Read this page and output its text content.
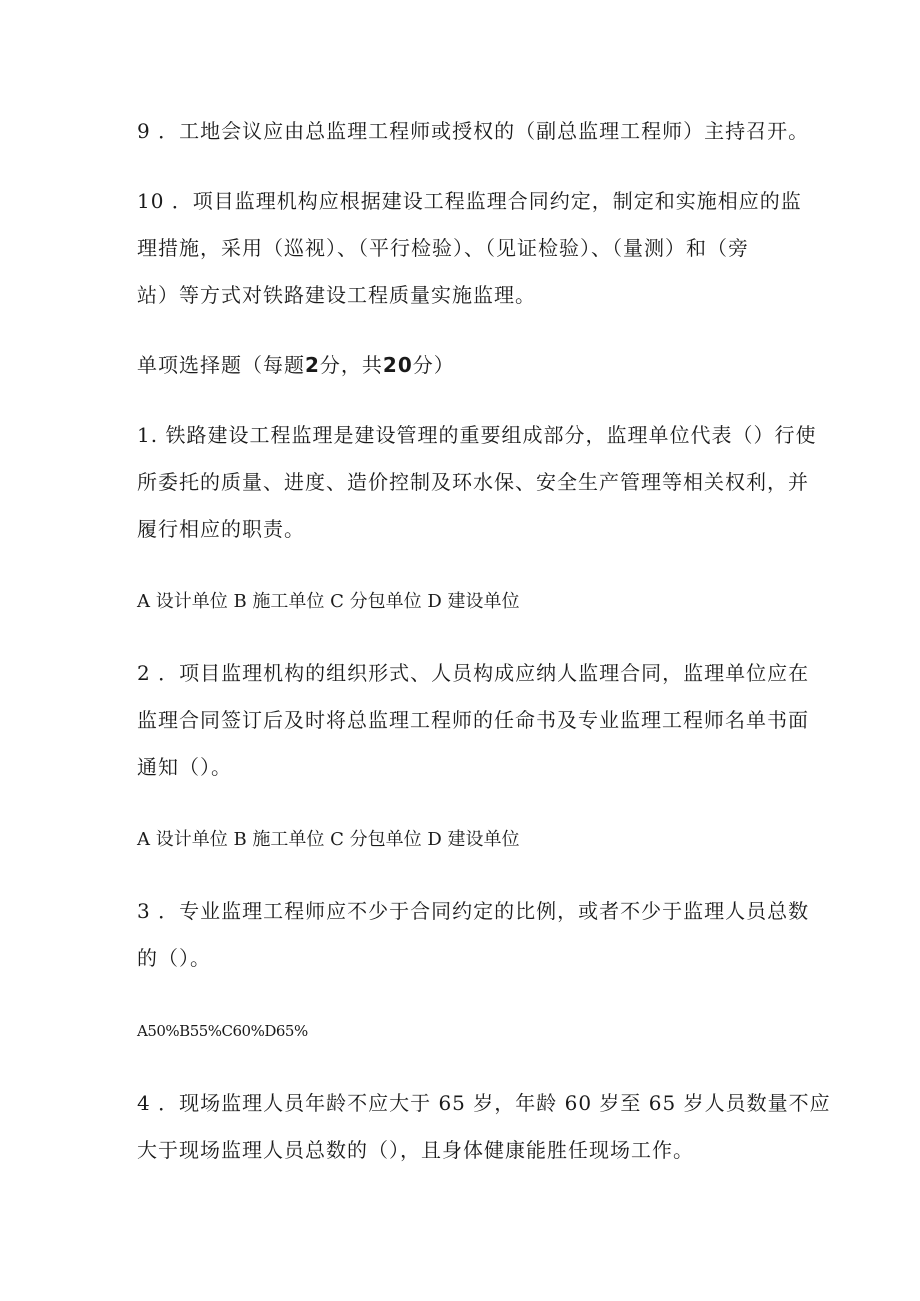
9 ．工地会议应由总监理工程师或授权的（副总监理工程师）主持召开。

10 ．项目监理机构应根据建设工程监理合同约定，制定和实施相应的监
理措施，采用（巡视）、（平行检验）、（见证检验）、（量测）和（旁
站）等方式对铁路建设工程质量实施监理。

单项选择题（每题2分，共20分）

1. 铁路建设工程监理是建设管理的重要组成部分，监理单位代表（）行使
所委托的质量、进度、造价控制及环水保、安全生产管理等相关权利，并
履行相应的职责。

A 设计单位 B 施工单位 C 分包单位 D 建设单位

2 ．项目监理机构的组织形式、人员构成应纳人监理合同，监理单位应在
监理合同签订后及时将总监理工程师的任命书及专业监理工程师名单书面
通知（）。

A 设计单位 B 施工单位 C 分包单位 D 建设单位

3 ．专业监理工程师应不少于合同约定的比例，或者不少于监理人员总数
的（）。

A50%B55%C60%D65%

4 ．现场监理人员年龄不应大于 65 岁，年龄 60 岁至 65 岁人员数量不应
大于现场监理人员总数的（），且身体健康能胜任现场工作。
